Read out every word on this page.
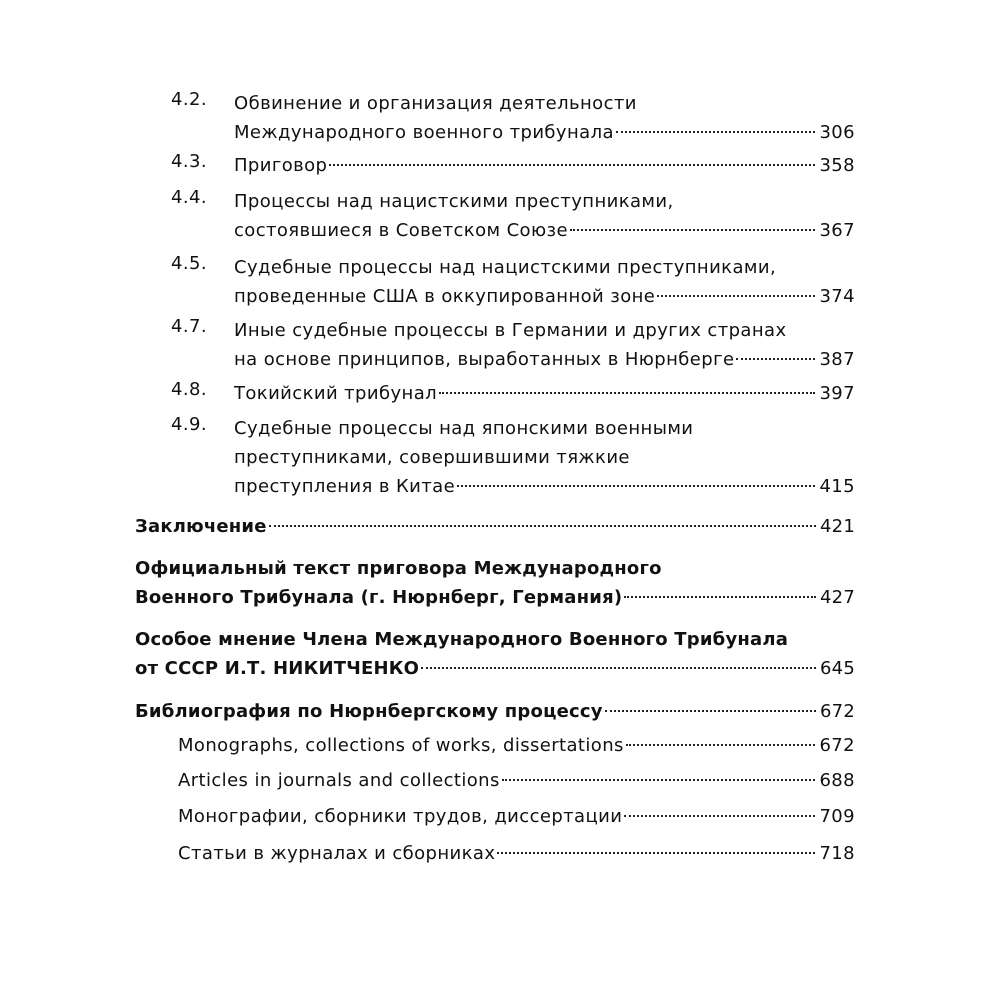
4.2. Обвинение и организация деятельности
Международного военного трибунала	306
4.3. Приговор	358
4.4. Процессы над нацистскими преступниками,
состоявшиеся в Советском Союзе	367
4.5. Судебные процессы над нацистскими преступниками,
проведенные США в оккупированной зоне	374
4.7. Иные судебные процессы в Германии и других странах
на основе принципов, выработанных в Нюрнберге	387
4.8. Токийский трибунал	397
4.9. Судебные процессы над японскими военными
преступниками, совершившими тяжкие
преступления в Китае	415
Заключение	421
Официальный текст приговора Международного
Военного Трибунала (г. Нюрнберг, Германия)	427
Особое мнение Члена Международного Военного Трибунала
от СССР И.Т. НИКИТЧЕНКО	645
Библиография по Нюрнбергскому процессу	672
Monographs, collections of works, dissertations	672
Articles in journals and collections	688
Монографии, сборники трудов, диссертации	709
Статьи в журналах и сборниках	718
